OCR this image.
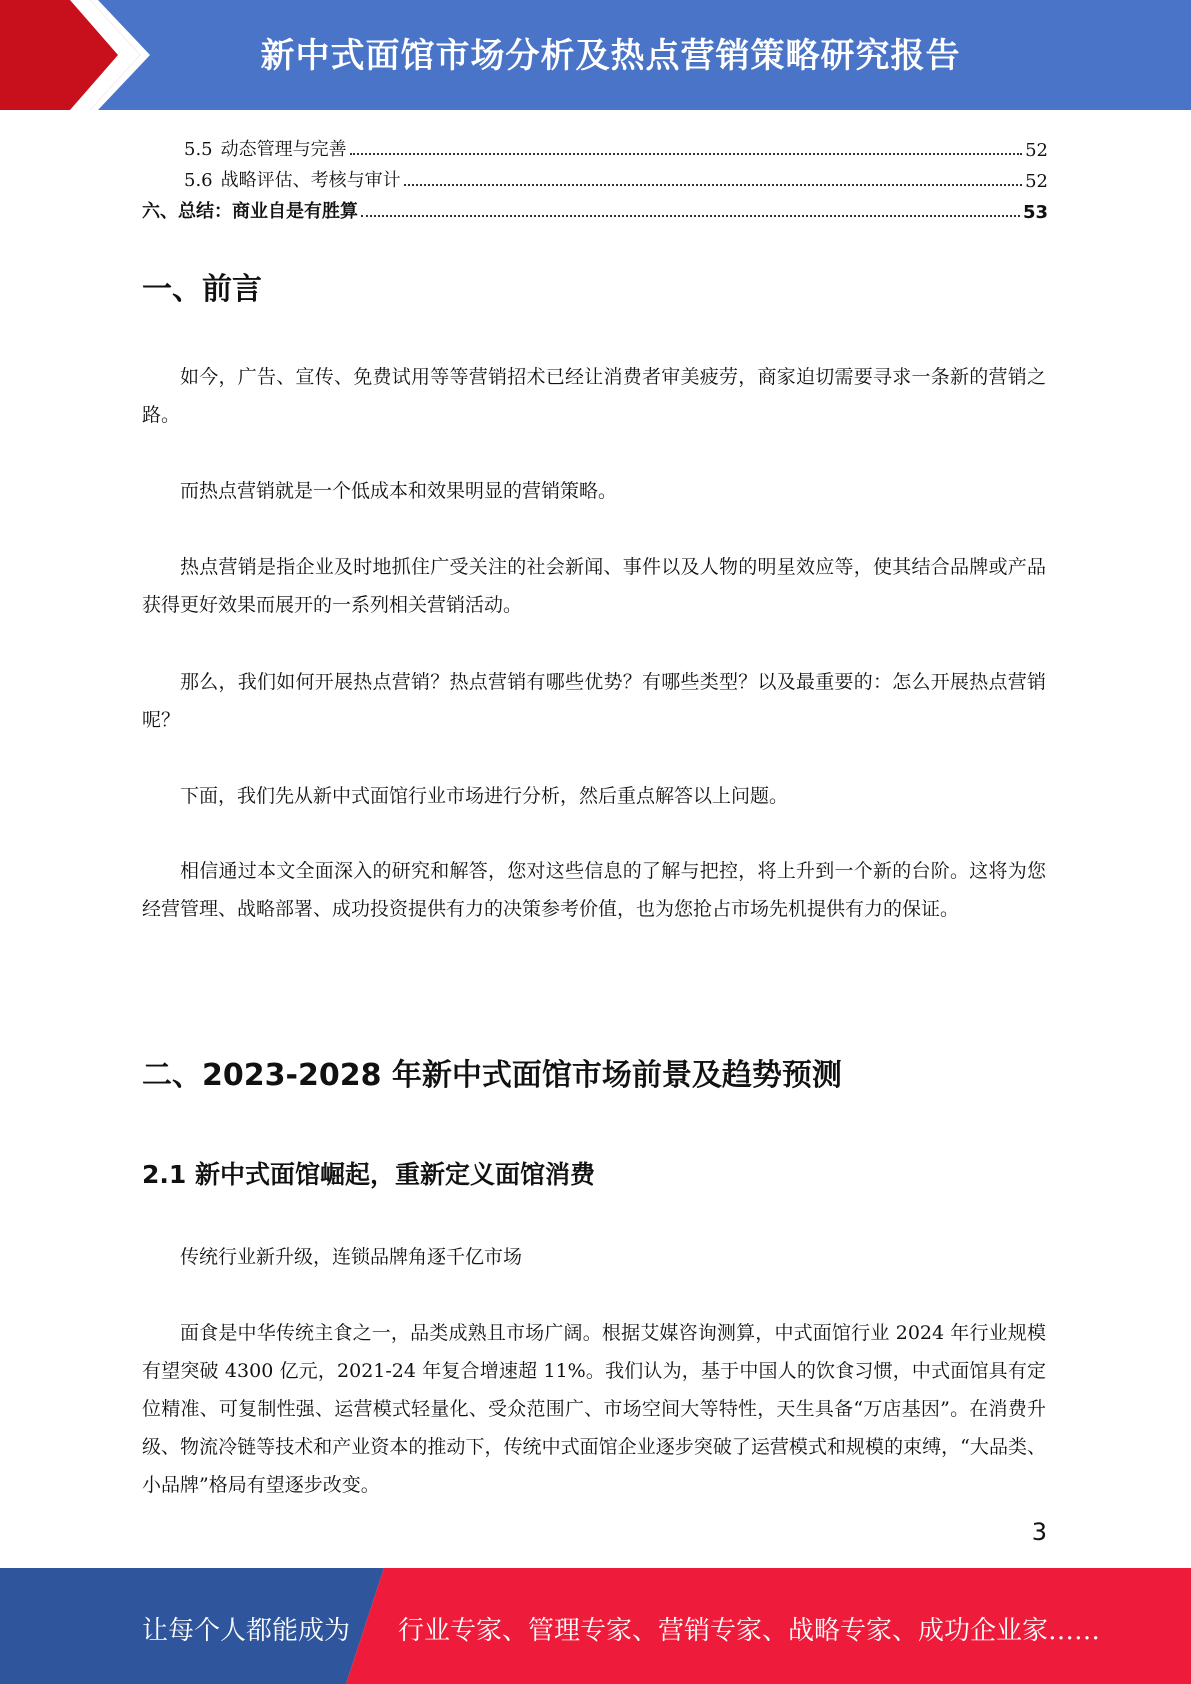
新中式面馆市场分析及热点营销策略研究报告
5.5 动态管理与完善	52
5.6 战略评估、考核与审计	52
六、总结：商业自是有胜算	53
一、前言

如今，广告、宣传、免费试用等等营销招术已经让消费者审美疲劳，商家迫切需要寻求一条新的营销之路。

而热点营销就是一个低成本和效果明显的营销策略。

热点营销是指企业及时地抓住广受关注的社会新闻、事件以及人物的明星效应等，使其结合品牌或产品获得更好效果而展开的一系列相关营销活动。

那么，我们如何开展热点营销？热点营销有哪些优势？有哪些类型？以及最重要的：怎么开展热点营销呢？

下面，我们先从新中式面馆行业市场进行分析，然后重点解答以上问题。

相信通过本文全面深入的研究和解答，您对这些信息的了解与把控，将上升到一个新的台阶。这将为您经营管理、战略部署、成功投资提供有力的决策参考价值，也为您抢占市场先机提供有力的保证。

二、2023-2028 年新中式面馆市场前景及趋势预测
2.1 新中式面馆崛起，重新定义面馆消费

传统行业新升级，连锁品牌角逐千亿市场

面食是中华传统主食之一，品类成熟且市场广阔。根据艾媒咨询测算，中式面馆行业 2024 年行业规模有望突破 4300 亿元，2021-24 年复合增速超 11%。我们认为，基于中国人的饮食习惯，中式面馆具有定位精准、可复制性强、运营模式轻量化、受众范围广、市场空间大等特性，天生具备“万店基因”。在消费升级、物流冷链等技术和产业资本的推动下，传统中式面馆企业逐步突破了运营模式和规模的束缚，“大品类、小品牌”格局有望逐步改变。

3
让每个人都能成为 行业专家、管理专家、营销专家、战略专家、成功企业家……
